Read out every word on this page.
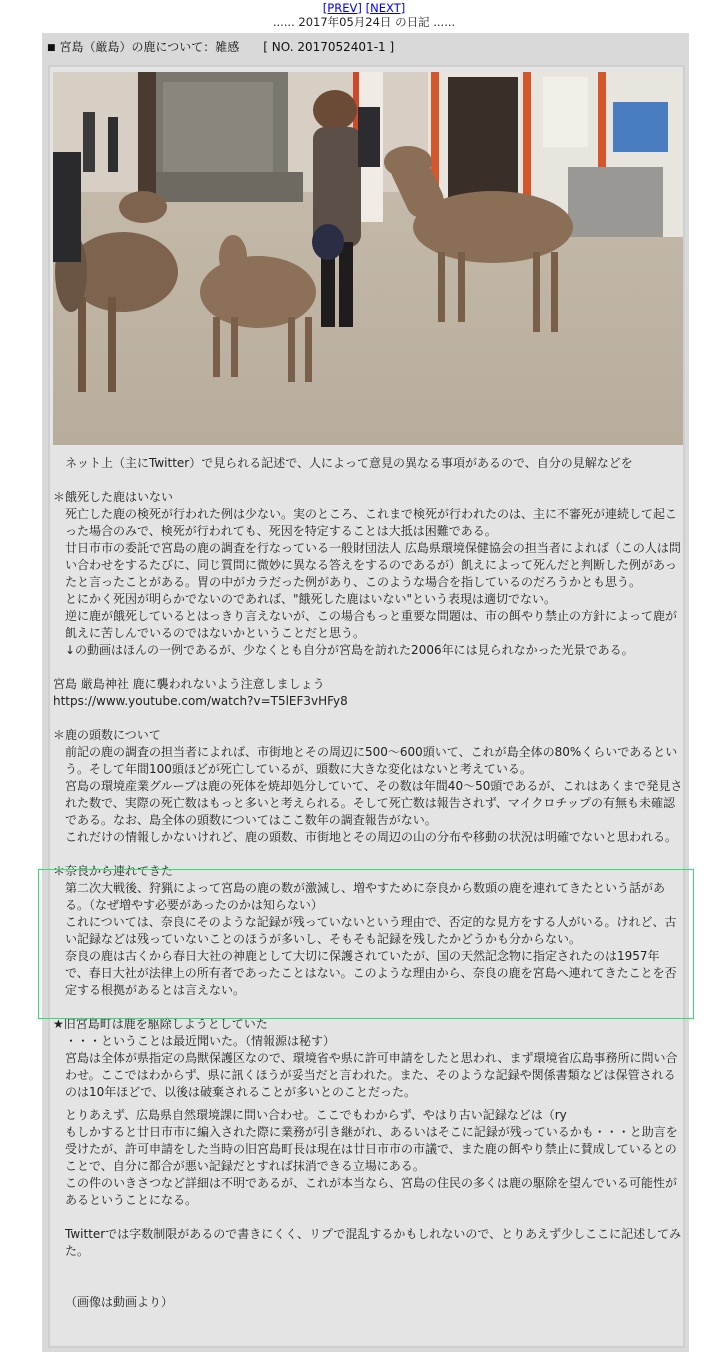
[PREV] [NEXT]
...... 2017年05月24日 の日記 ......
■ 宮島（厳島）の鹿について：雑感 [ NO. 2017052401-1 ]

ネット上（主にTwitter）で見られる記述で、人によって意見の異なる事項があるので、自分の見解などを

＊餓死した鹿はいない

死亡した鹿の検死が行われた例は少ない。実のところ、これまで検死が行われたのは、主に不審死が連続して起こった場合のみで、検死が行われても、死因を特定することは大抵は困難である。

廿日市市の委託で宮島の鹿の調査を行なっている一般財団法人 広島県環境保健協会の担当者によれば（この人は問い合わせをするたびに、同じ質問に微妙に異なる答えをするのであるが）飢えによって死んだと判断した例があったと言ったことがある。胃の中がカラだった例があり、このような場合を指しているのだろうかとも思う。

とにかく死因が明らかでないのであれば、"餓死した鹿はいない"という表現は適切でない。

逆に鹿が餓死しているとはっきり言えないが、この場合もっと重要な問題は、市の餌やり禁止の方針によって鹿が飢えに苦しんでいるのではないかということだと思う。

↓の動画はほんの一例であるが、少なくとも自分が宮島を訪れた2006年には見られなかった光景である。

宮島 厳島神社 鹿に襲われないよう注意しましょう

https://www.youtube.com/watch?v=T5lEF3vHFy8

＊鹿の頭数について

前記の鹿の調査の担当者によれば、市街地とその周辺に500～600頭いて、これが島全体の80%くらいであるという。そして年間100頭ほどが死亡しているが、頭数に大きな変化はないと考えている。

宮島の環境産業グループは鹿の死体を焼却処分していて、その数は年間40～50頭であるが、これはあくまで発見された数で、実際の死亡数はもっと多いと考えられる。そして死亡数は報告されず、マイクロチップの有無も未確認である。なお、島全体の頭数についてはここ数年の調査報告がない。

これだけの情報しかないけれど、鹿の頭数、市街地とその周辺の山の分布や移動の状況は明確でないと思われる。

＊奈良から連れてきた

第二次大戦後、狩猟によって宮島の鹿の数が激減し、増やすために奈良から数頭の鹿を連れてきたという話がある。（なぜ増やす必要があったのかは知らない）

これについては、奈良にそのような記録が残っていないという理由で、否定的な見方をする人がいる。けれど、古い記録などは残っていないことのほうが多いし、そもそも記録を残したかどうかも分からない。

奈良の鹿は古くから春日大社の神鹿として大切に保護されていたが、国の天然記念物に指定されたのは1957年で、春日大社が法律上の所有者であったことはない。このような理由から、奈良の鹿を宮島へ連れてきたことを否定する根拠があるとは言えない。

★旧宮島町は鹿を駆除しようとしていた

・・・ということは最近聞いた。（情報源は秘す）

宮島は全体が県指定の鳥獣保護区なので、環境省や県に許可申請をしたと思われ、まず環境省広島事務所に問い合わせ。ここではわからず、県に訊くほうが妥当だと言われた。また、そのような記録や関係書類などは保管されるのは10年ほどで、以後は破棄されることが多いとのことだった。

とりあえず、広島県自然環境課に問い合わせ。ここでもわからず、やはり古い記録などは（ry

もしかすると廿日市市に編入された際に業務が引き継がれ、あるいはそこに記録が残っているかも・・・と助言を受けたが、許可申請をした当時の旧宮島町長は現在は廿日市市の市議で、また鹿の餌やり禁止に賛成しているとのことで、自分に都合が悪い記録だとすれば抹消できる立場にある。

この件のいきさつなど詳細は不明であるが、これが本当なら、宮島の住民の多くは鹿の駆除を望んでいる可能性があるということになる。

Twitterでは字数制限があるので書きにくく、リプで混乱するかもしれないので、とりあえず少しここに記述してみた。

（画像は動画より）
